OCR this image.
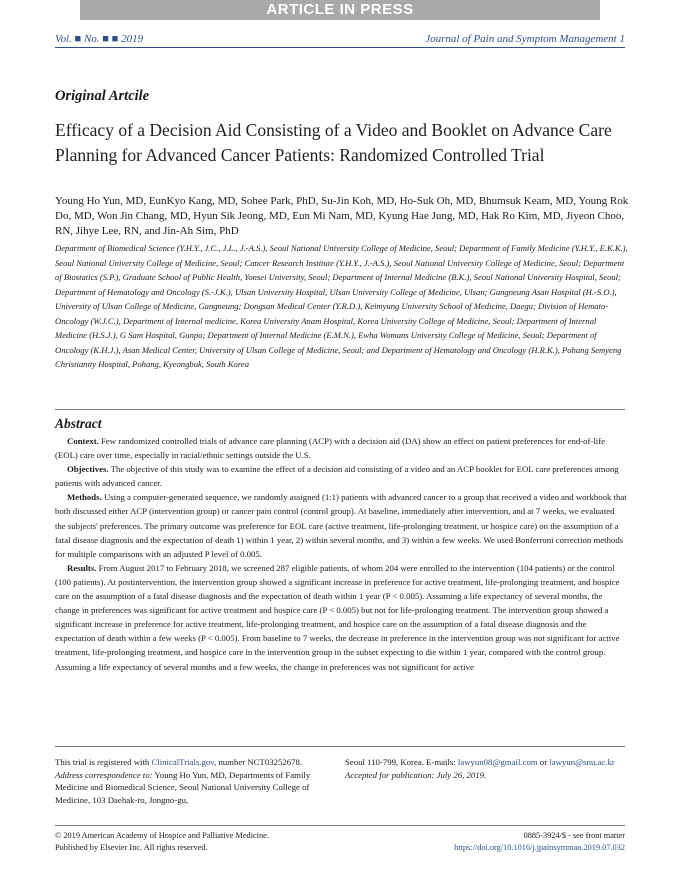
ARTICLE IN PRESS
Vol. ■ No. ■ ■ 2019	Journal of Pain and Symptom Management 1
Original Artcile
Efficacy of a Decision Aid Consisting of a Video and Booklet on Advance Care Planning for Advanced Cancer Patients: Randomized Controlled Trial
Young Ho Yun, MD, EunKyo Kang, MD, Sohee Park, PhD, Su-Jin Koh, MD, Ho-Suk Oh, MD, Bhumsuk Keam, MD, Young Rok Do, MD, Won Jin Chang, MD, Hyun Sik Jeong, MD, Eun Mi Nam, MD, Kyung Hae Jung, MD, Hak Ro Kim, MD, Jiyeon Choo, RN, Jihye Lee, RN, and Jin-Ah Sim, PhD
Department of Biomedical Science (Y.H.Y., J.C., J.L., J.-A.S.), Seoul National University College of Medicine, Seoul; Department of Family Medicine (Y.H.Y., E.K.K.), Seoul National University College of Medicine, Seoul; Cancer Research Institute (Y.H.Y., J.-A.S.), Seoul National University College of Medicine, Seoul; Department of Biostatics (S.P.), Graduate School of Public Health, Yonsei University, Seoul; Department of Internal Medicine (B.K.), Seoul National University Hospital, Seoul; Department of Hematology and Oncology (S.-J.K.), Ulsan University Hospital, Ulsan University College of Medicine, Ulsan; Gangneung Asan Hospital (H.-S.O.), University of Ulsan College of Medicine, Gangneung; Dongsan Medical Center (Y.R.D.), Keimyung University School of Medicine, Daegu; Division of Hemato-Oncology (W.J.C.), Department of Internal medicine, Korea University Anam Hospital, Korea University College of Medicine, Seoul; Department of Internal Medicine (H.S.J.), G Sam Hospital, Gunpo; Department of Internal Medicine (E.M.N.), Ewha Womans University College of Medicine, Seoul; Department of Oncology (K.H.J.), Asan Medical Center, University of Ulsan College of Medicine, Seoul; and Department of Hematology and Oncology (H.R.K.), Pohang Semyeng Christianity Hospital, Pohang, Kyeongbuk, South Korea
Abstract

Context. Few randomized controlled trials of advance care planning (ACP) with a decision aid (DA) show an effect on patient preferences for end-of-life (EOL) care over time, especially in racial/ethnic settings outside the U.S.

Objectives. The objective of this study was to examine the effect of a decision aid consisting of a video and an ACP booklet for EOL care preferences among patients with advanced cancer.

Methods. Using a computer-generated sequence, we randomly assigned (1:1) patients with advanced cancer to a group that received a video and workbook that both discussed either ACP (intervention group) or cancer pain control (control group). At baseline, immediately after intervention, and at 7 weeks, we evaluated the subjects' preferences. The primary outcome was preference for EOL care (active treatment, life-prolonging treatment, or hospice care) on the assumption of a fatal disease diagnosis and the expectation of death 1) within 1 year, 2) within several months, and 3) within a few weeks. We used Bonferroni correction methods for multiple comparisons with an adjusted P level of 0.005.

Results. From August 2017 to February 2018, we screened 287 eligible patients, of whom 204 were enrolled to the intervention (104 patients) or the control (100 patients). At postintervention, the intervention group showed a significant increase in preference for active treatment, life-prolonging treatment, and hospice care on the assumption of a fatal disease diagnosis and the expectation of death within 1 year (P < 0.005). Assuming a life expectancy of several months, the change in preferences was significant for active treatment and hospice care (P < 0.005) but not for life-prolonging treatment. The intervention group showed a significant increase in preference for active treatment, life-prolonging treatment, and hospice care on the assumption of a fatal disease diagnosis and the expectation of death within a few weeks (P < 0.005). From baseline to 7 weeks, the decrease in preference in the intervention group was not significant for active treatment, life-prolonging treatment, and hospice care in the intervention group in the subset expecting to die within 1 year, compared with the control group. Assuming a life expectancy of several months and a few weeks, the change in preferences was not significant for active

This trial is registered with ClinicalTrials.gov, number NCT03252678.

Address correspondence to: Young Ho Yun, MD, Departments of Family Medicine and Biomedical Science, Seoul National University College of Medicine, 103 Daehak-ro, Jongno-gu,

Seoul 110-799, Korea. E-mails: lawyun08@gmail.com or lawyun@snu.ac.kr

Accepted for publication: July 26, 2019.

© 2019 American Academy of Hospice and Palliative Medicine.
Published by Elsevier Inc. All rights reserved.
0885-3924/$ - see front matter
https://doi.org/10.1016/j.jpainsymman.2019.07.032
